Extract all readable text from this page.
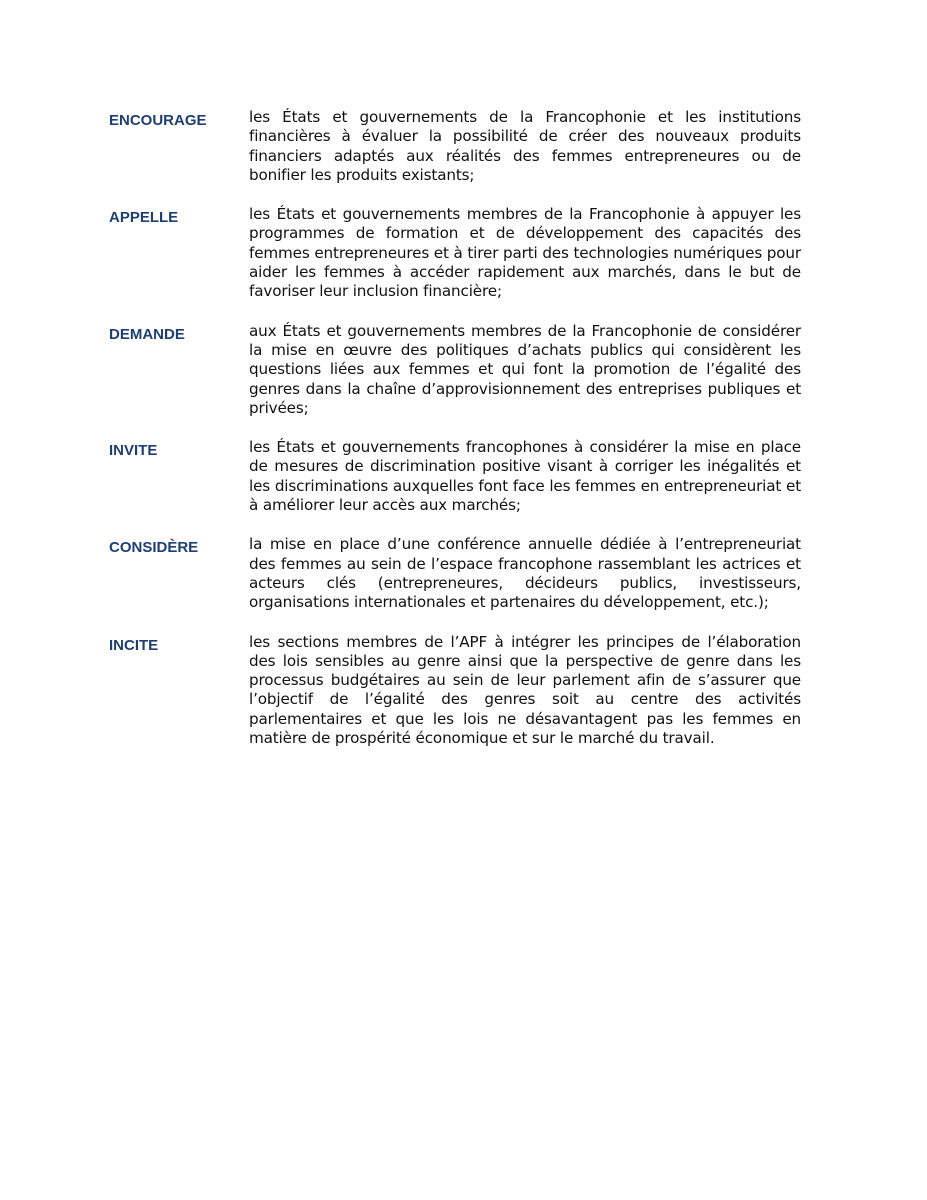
ENCOURAGE	les États et gouvernements de la Francophonie et les institutions financières à évaluer la possibilité de créer des nouveaux produits financiers adaptés aux réalités des femmes entrepreneures ou de bonifier les produits existants;
APPELLE	les États et gouvernements membres de la Francophonie à appuyer les programmes de formation et de développement des capacités des femmes entrepreneures et à tirer parti des technologies numériques pour aider les femmes à accéder rapidement aux marchés, dans le but de favoriser leur inclusion financière;
DEMANDE	aux États et gouvernements membres de la Francophonie de considérer la mise en œuvre des politiques d’achats publics qui considèrent les questions liées aux femmes et qui font la promotion de l’égalité des genres dans la chaîne d’approvisionnement des entreprises publiques et privées;
INVITE	les États et gouvernements francophones à considérer la mise en place de mesures de discrimination positive visant à corriger les inégalités et les discriminations auxquelles font face les femmes en entrepreneuriat et à améliorer leur accès aux marchés;
CONSIDÈRE	la mise en place d’une conférence annuelle dédiée à l’entrepreneuriat des femmes au sein de l’espace francophone rassemblant les actrices et acteurs clés (entrepreneures, décideurs publics, investisseurs, organisations internationales et partenaires du développement, etc.);
INCITE	les sections membres de l’APF à intégrer les principes de l’élaboration des lois sensibles au genre ainsi que la perspective de genre dans les processus budgétaires au sein de leur parlement afin de s’assurer que l’objectif de l’égalité des genres soit au centre des activités parlementaires et que les lois ne désavantagent pas les femmes en matière de prospérité économique et sur le marché du travail.
